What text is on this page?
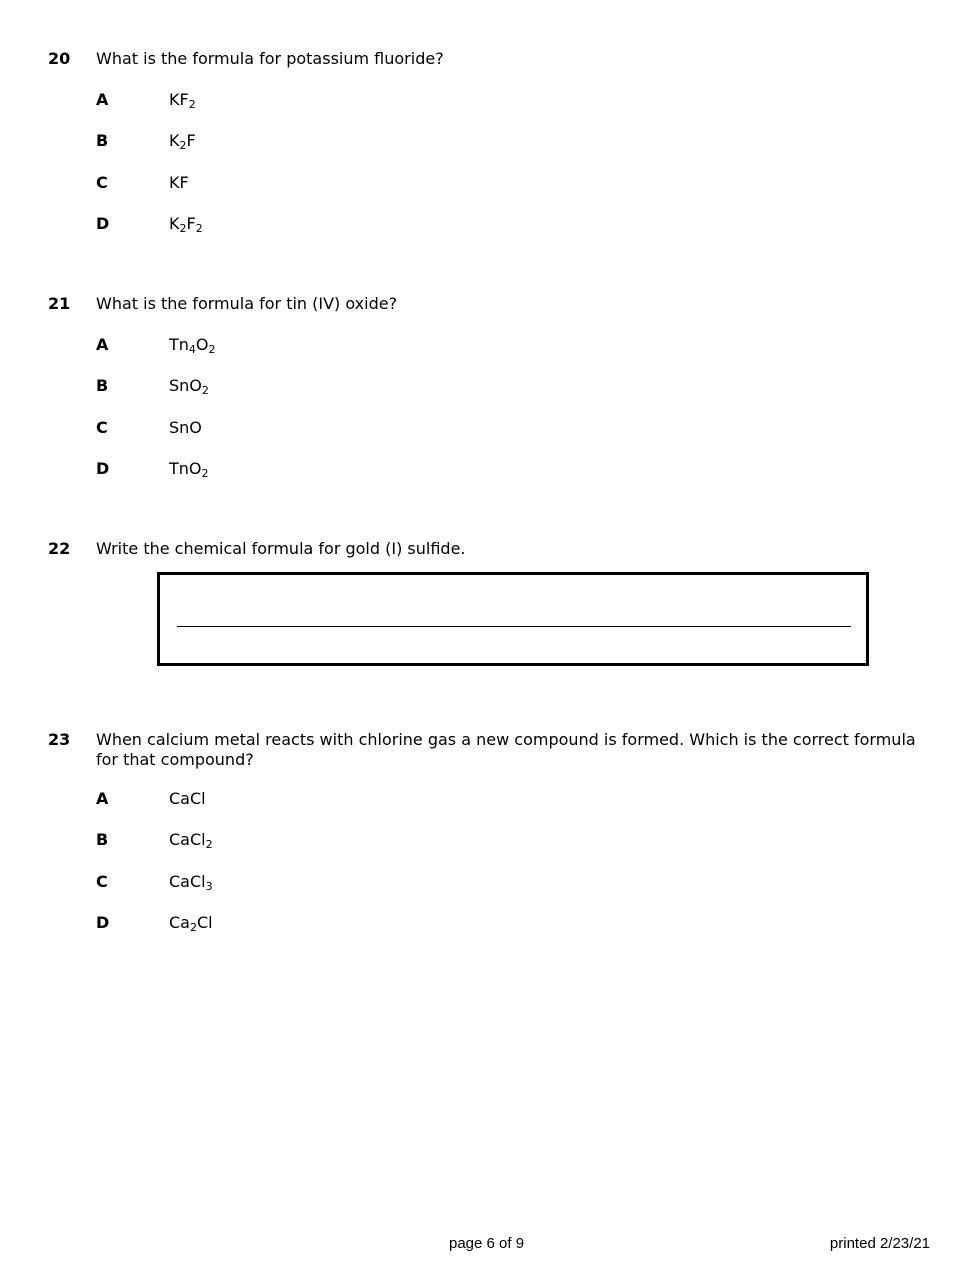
20 What is the formula for potassium fluoride?
A	$KF_2$
B	$K_2F$
C	KF
D	$K_2F_2$
21 What is the formula for tin (IV) oxide?
A	$Tn_4O_2$
B	SnO$_2$
C	SnO
D	TnO$_2$
22 Write the chemical formula for gold (I) sulfide.
23 When calcium metal reacts with chlorine gas a new compound is formed. Which is the correct formula for that compound?
A	CaCl
B	CaCl$_2$
C	CaCl$_3$
D	$Ca_2Cl$
page 6 of 9	printed 2/23/21
